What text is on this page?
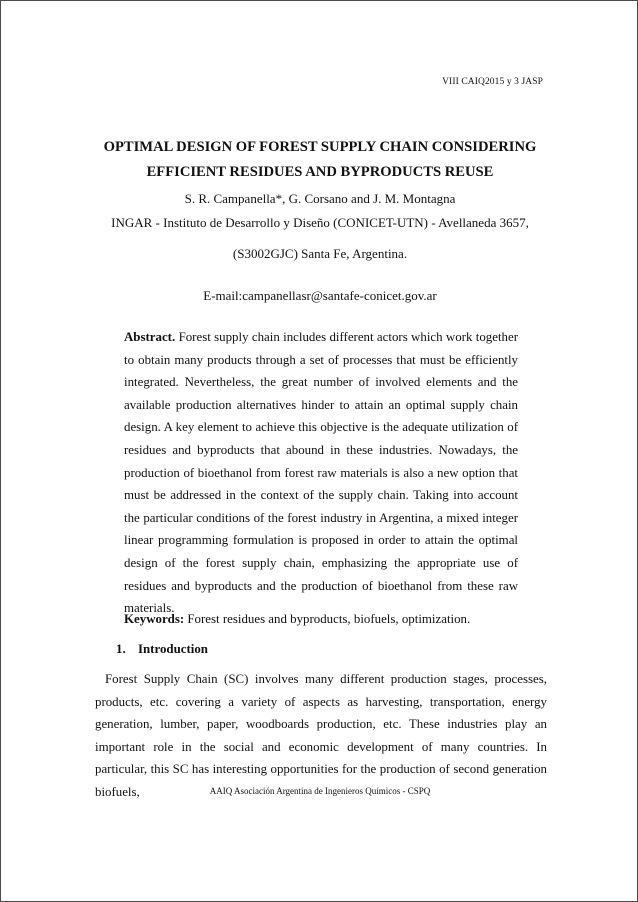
VIII CAIQ2015 y 3 JASP
OPTIMAL DESIGN OF FOREST SUPPLY CHAIN CONSIDERING
EFFICIENT RESIDUES AND BYPRODUCTS REUSE
S. R. Campanella*, G. Corsano and J. M. Montagna
INGAR - Instituto de Desarrollo y Diseño (CONICET-UTN) - Avellaneda 3657,
(S3002GJC) Santa Fe, Argentina.
E-mail:campanellasr@santafe-conicet.gov.ar

Abstract. Forest supply chain includes different actors which work together to obtain many products through a set of processes that must be efficiently integrated. Nevertheless, the great number of involved elements and the available production alternatives hinder to attain an optimal supply chain design. A key element to achieve this objective is the adequate utilization of residues and byproducts that abound in these industries. Nowadays, the production of bioethanol from forest raw materials is also a new option that must be addressed in the context of the supply chain. Taking into account the particular conditions of the forest industry in Argentina, a mixed integer linear programming formulation is proposed in order to attain the optimal design of the forest supply chain, emphasizing the appropriate use of residues and byproducts and the production of bioethanol from these raw materials.

Keywords: Forest residues and byproducts, biofuels, optimization.
1. Introduction

Forest Supply Chain (SC) involves many different production stages, processes, products, etc. covering a variety of aspects as harvesting, transportation, energy generation, lumber, paper, woodboards production, etc. These industries play an important role in the social and economic development of many countries. In particular, this SC has interesting opportunities for the production of second generation biofuels,	AAIQ Asociación Argentina de Ingenieros Químicos - CSPQ
